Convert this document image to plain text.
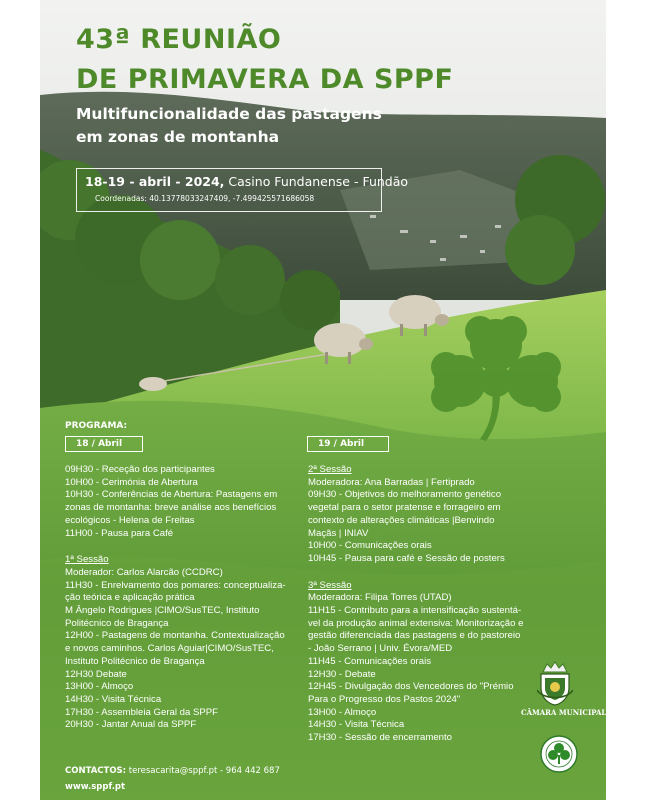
43ª REUNIÃO
DE PRIMAVERA DA SPPF
Multifuncionalidade das pastagens
em zonas de montanha
18-19 - abril - 2024, Casino Fundanense - Fundão
Coordenadas: 40.13778033247409, -7.499425571686058
PROGRAMA:
18 / Abril	19 / Abril
09H30 - Receção dos participantes
10H00 - Cerimónia de Abertura
10H30 - Conferências de Abertura: Pastagens em
zonas de montanha: breve análise aos benefícios
ecológicos - Helena de Freitas
11H00 - Pausa para Café
1ª Sessão
Moderador: Carlos Alarcão (CCDRC)
11H30 - Enrelvamento dos pomares: conceptualiza-
ção teórica e aplicação prática
M Ângelo Rodrigues |CIMO/SusTEC, Instituto
Politécnico de Bragança
12H00 - Pastagens de montanha. Contextualização
e novos caminhos. Carlos Aguiar|CIMO/SusTEC,
Instituto Politécnico de Bragança
12H30 Debate
13H00 - Almoço
14H30 - Visita Técnica
17H30 - Assembleia Geral da SPPF
20H30 - Jantar Anual da SPPF
2ª Sessão
Moderadora: Ana Barradas | Fertiprado
09H30 - Objetivos do melhoramento genético
vegetal para o setor pratense e forrageiro em
contexto de alterações climáticas |Benvindo
Maçãs | INIAV
10H00 - Comunicações orais
10H45 - Pausa para café e Sessão de posters
3ª Sessão
Moderadora: Filipa Torres (UTAD)
11H15 - Contributo para a intensificação sustentá-
vel da produção animal extensiva: Monitorização e
gestão diferenciada das pastagens e do pastoreio
- João Serrano | Univ. Évora/MED
11H45 - Comunicações orais
12H30 - Debate
12H45 - Divulgação dos Vencedores do "Prémio
Para o Progresso dos Pastos 2024"
13H00 - Almoço
14H30 - Visita Técnica
17H30 - Sessão de encerramento
CONTACTOS: teresacarita@sppf.pt - 964 442 687
www.sppf.pt
CÂMARA MUNICIPAL
